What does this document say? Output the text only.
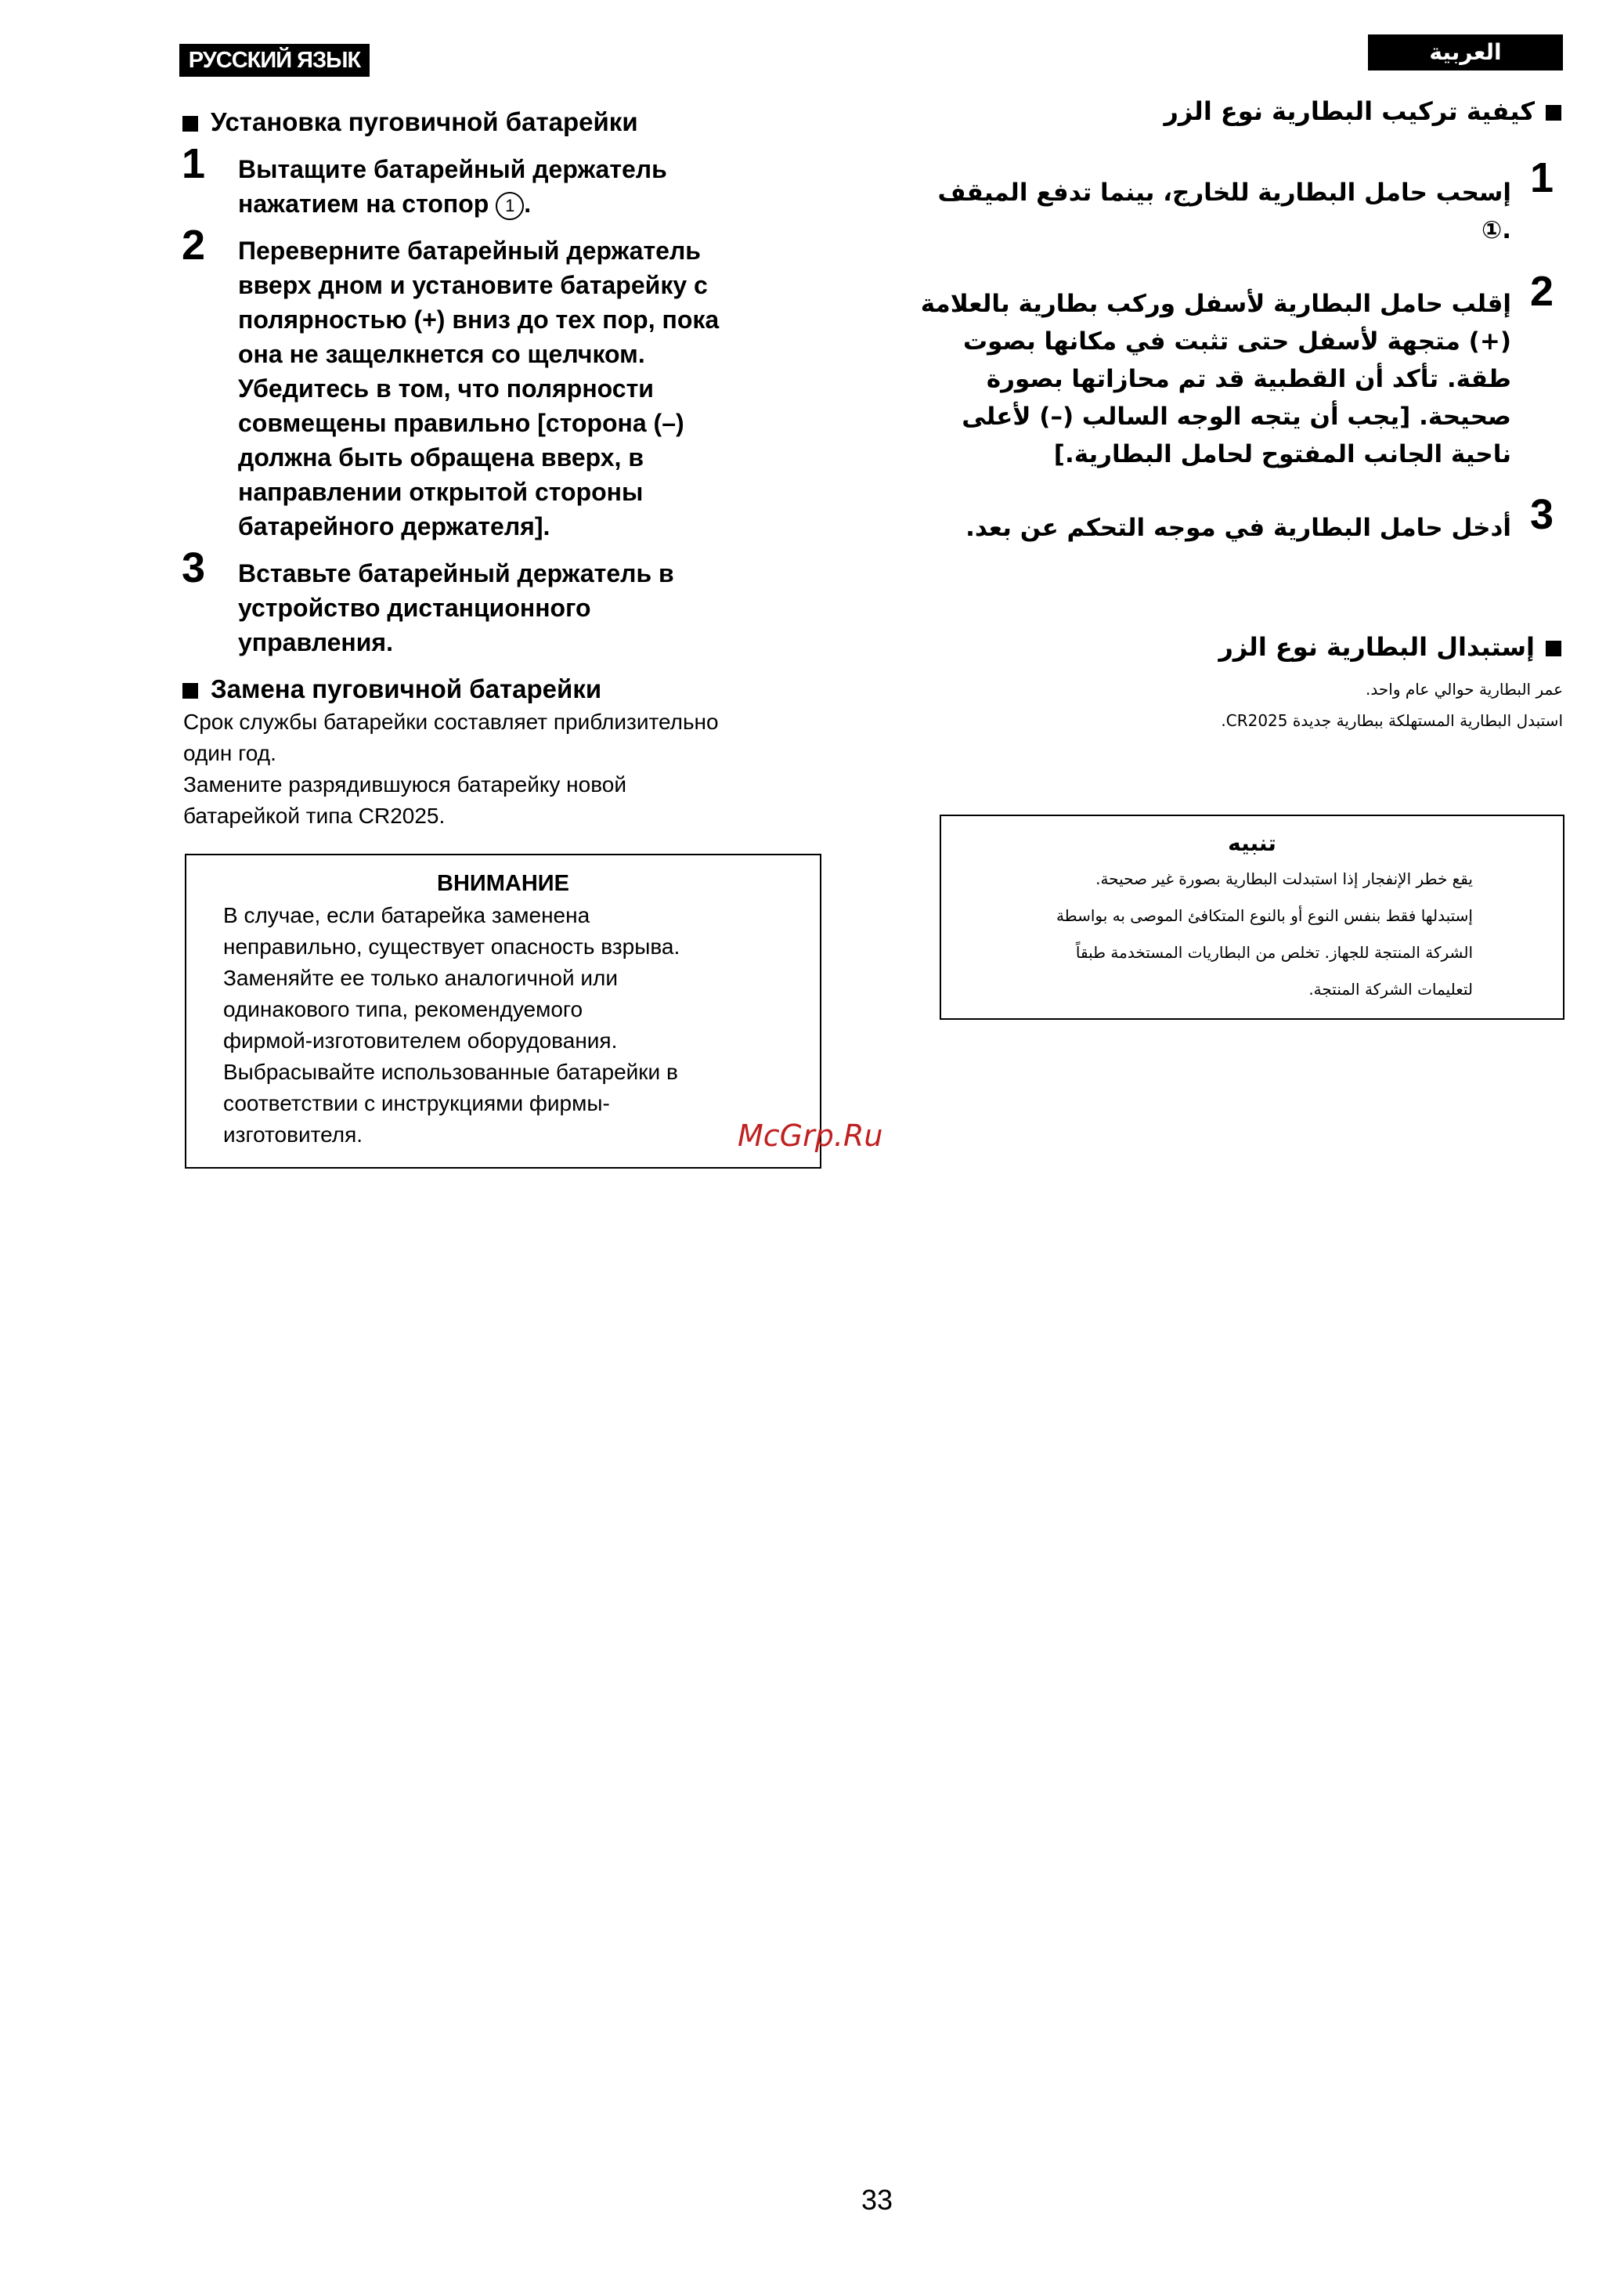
РУССКИЙ ЯЗЫК
Установка пуговичной батарейки
1 Вытащите батарейный держатель
нажатием на стопор 1 .
2 Переверните батарейный держатель
вверх дном и установите батарейку с
полярностью (+) вниз до тех пор, пока
она не защелкнется со щелчком.
Убедитесь в том, что полярности
совмещены правильно [сторона (–)
должна быть обращена вверх, в
направлении открытой стороны
батарейного держателя].
3 Вставьте батарейный держатель в
устройство дистанционного
управления.
Замена пуговичной батарейки
Срок службы батарейки составляет приблизительно
один год.
Замените разрядившуюся батарейку новой
батарейкой типа CR2025.
ВНИМАНИЕ
В случае, если батарейка заменена
неправильно, существует опасность взрыва.
Заменяйте ее только аналогичной или
одинакового типа, рекомендуемого
фирмой-изготовителем оборудования.
Выбрасывайте использованные батарейки в
соответствии с инструкциями фирмы-
изготовителя.
العربية
كيفية تركيب البطارية نوع الزر
1
إسحب حامل البطارية للخارج، بينما تدفع الميقف
.①
2
إقلب حامل البطارية لأسفل وركب بطارية بالعلامة
(+) متجهة لأسفل حتى تثبت في مكانها بصوت
طقة. تأكد أن القطبية قد تم محازاتها بصورة
صحيحة. [يجب أن يتجه الوجه السالب (–) لأعلى
ناحية الجانب المفتوح لحامل البطارية.]
3
أدخل حامل البطارية في موجه التحكم عن بعد.
إستبدال البطارية نوع الزر
عمر البطارية حوالي عام واحد.
استبدل البطارية المستهلكة ببطارية جديدة CR2025.
تنبيه
يقع خطر الإنفجار إذا استبدلت البطارية بصورة غير صحيحة.
إستبدلها فقط بنفس النوع أو بالنوع المتكافئ الموصى به بواسطة
الشركة المنتجة للجهاز. تخلص من البطاريات المستخدمة طبقاً
لتعليمات الشركة المنتجة.
McGrp.Ru
33
